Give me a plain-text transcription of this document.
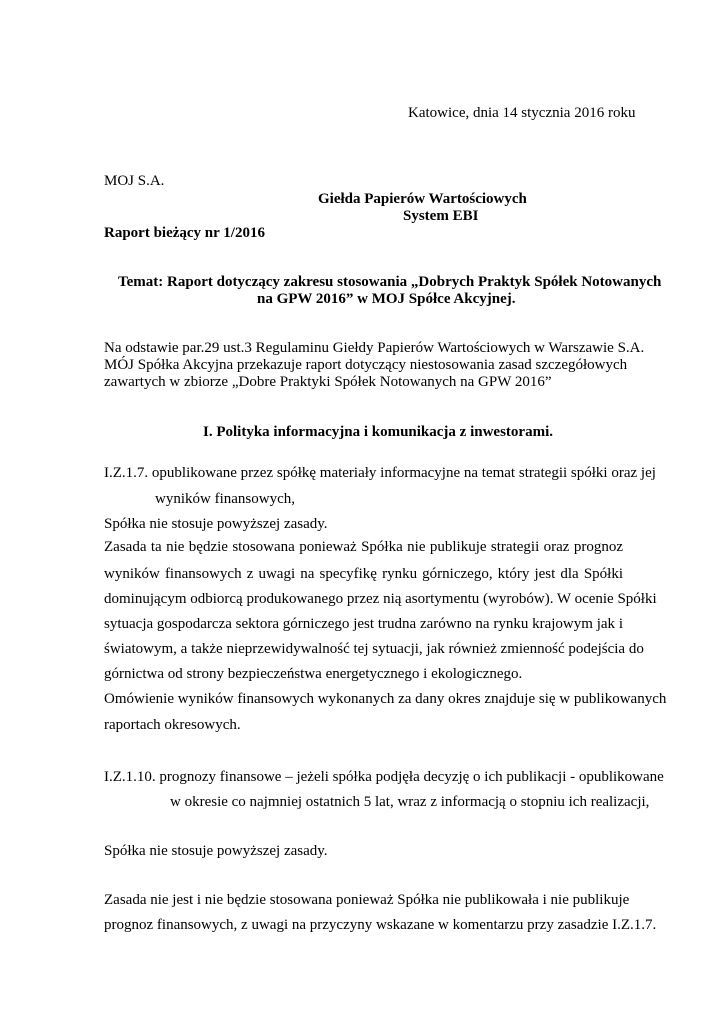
Katowice, dnia 14 stycznia 2016 roku
MOJ S.A.
Giełda Papierów Wartościowych
System EBI
Raport bieżący nr 1/2016
Temat: Raport dotyczący zakresu stosowania „Dobrych Praktyk Spółek Notowanych
na GPW 2016” w MOJ Spółce Akcyjnej.
Na odstawie par.29 ust.3 Regulaminu Giełdy Papierów Wartościowych w Warszawie S.A.
MÓJ Spółka Akcyjna przekazuje raport dotyczący niestosowania zasad szczegółowych
zawartych w zbiorze „Dobre Praktyki Spółek Notowanych na GPW 2016”
I. Polityka informacyjna i komunikacja z inwestorami.
I.Z.1.7. opublikowane przez spółkę materiały informacyjne na temat strategii spółki oraz jej
wyników finansowych,
Spółka nie stosuje powyższej zasady.
Zasada ta nie będzie stosowana ponieważ Spółka nie publikuje strategii oraz prognoz
wyników finansowych z uwagi na specyfikę rynku górniczego, który jest dla Spółki
dominującym odbiorcą produkowanego przez nią asortymentu (wyrobów). W ocenie Spółki
sytuacja gospodarcza sektora górniczego jest trudna zarówno na rynku krajowym jak i
światowym, a także nieprzewidywalność tej sytuacji, jak również zmienność podejścia do
górnictwa od strony bezpieczeństwa energetycznego i ekologicznego.
Omówienie wyników finansowych wykonanych za dany okres znajduje się w publikowanych
raportach okresowych.
I.Z.1.10. prognozy finansowe – jeżeli spółka podjęła decyzję o ich publikacji - opublikowane
w okresie co najmniej ostatnich 5 lat, wraz z informacją o stopniu ich realizacji,
Spółka nie stosuje powyższej zasady.
Zasada nie jest i nie będzie stosowana ponieważ Spółka nie publikowała i nie publikuje
prognoz finansowych, z uwagi na przyczyny wskazane w komentarzu przy zasadzie I.Z.1.7.
